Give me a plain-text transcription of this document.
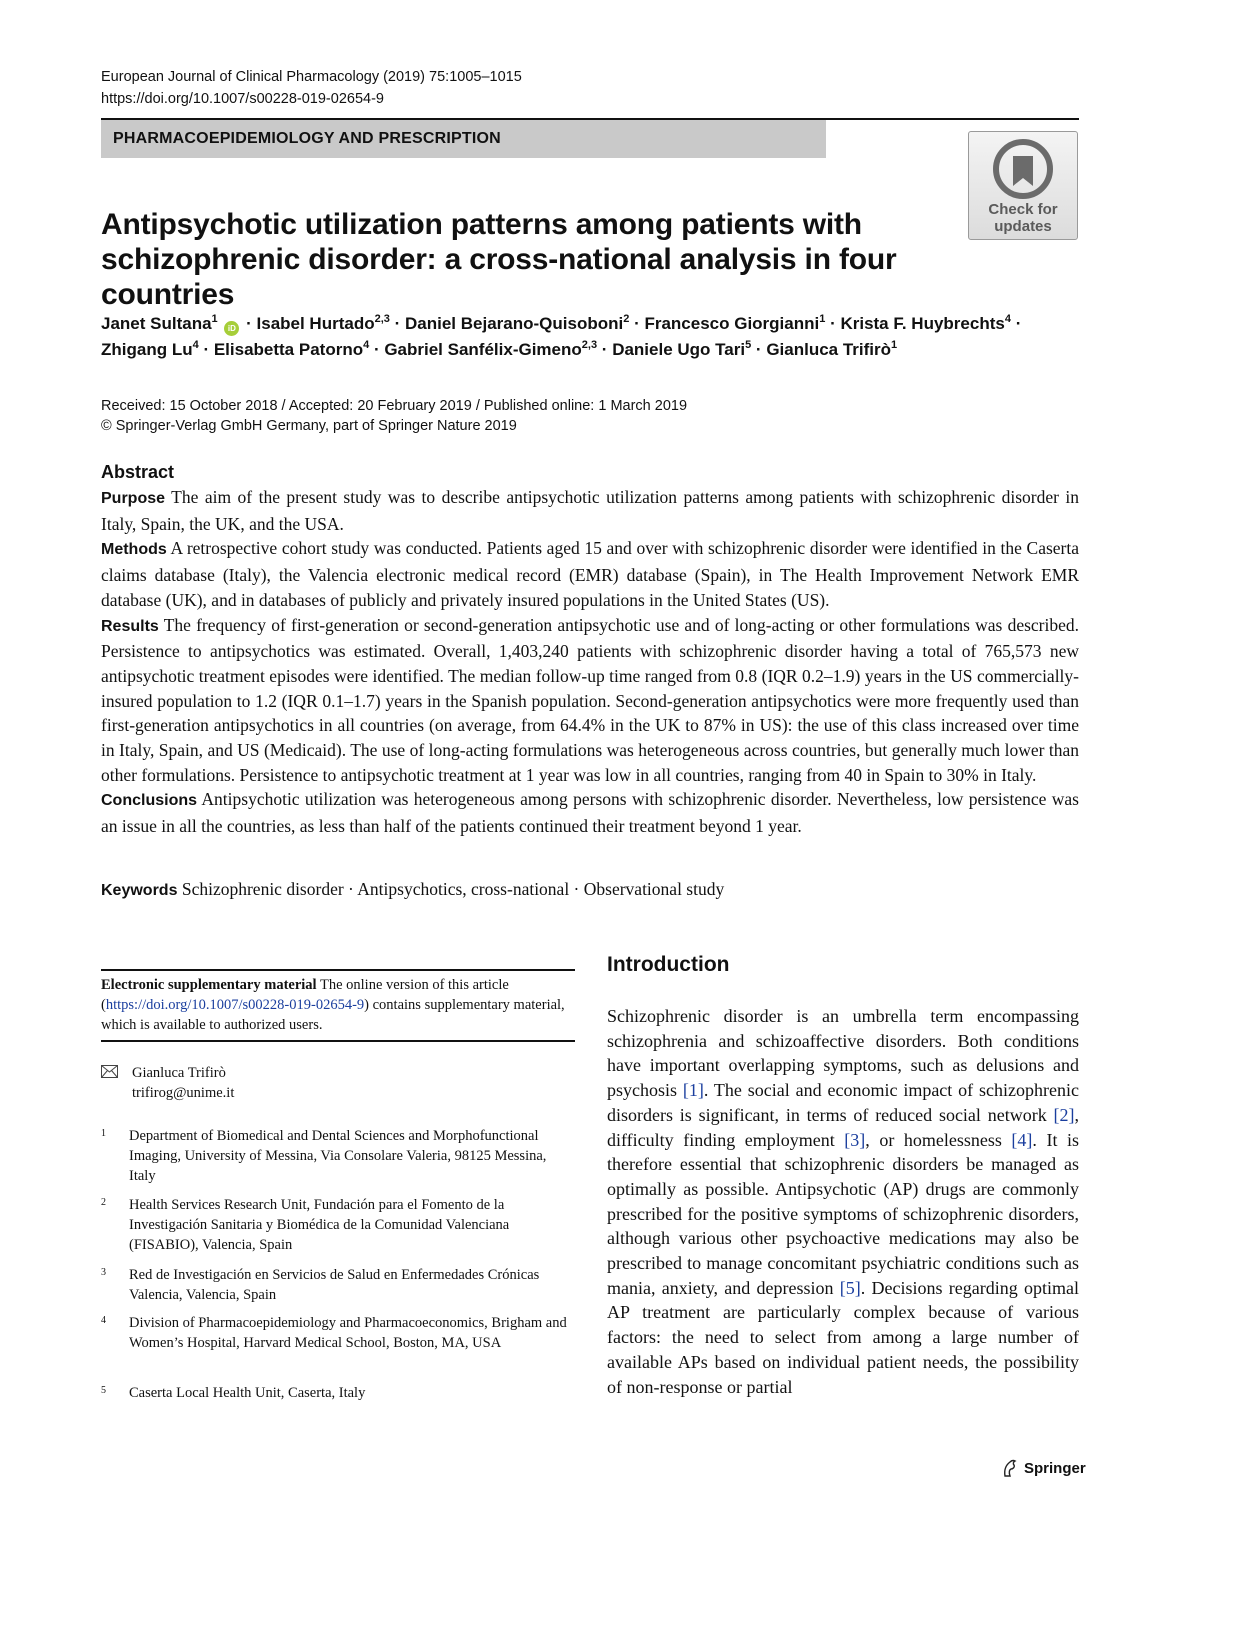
European Journal of Clinical Pharmacology (2019) 75:1005–1015
https://doi.org/10.1007/s00228-019-02654-9
PHARMACOEPIDEMIOLOGY AND PRESCRIPTION
Check for
updates
Antipsychotic utilization patterns among patients with schizophrenic disorder: a cross-national analysis in four countries
Janet Sultana$^1$ iD · Isabel Hurtado$^{2,3}$ · Daniel Bejarano-Quisoboni$^2$ · Francesco Giorgianni$^1$ · Krista F. Huybrechts$^4$ ·
Zhigang $Lu^4$ · Elisabetta Patorno$^4$ · Gabriel Sanfélix-Gimeno$^{2,3}$ · Daniele Ugo Tari$^5$ · Gianluca Trifirò$^1$
Received: 15 October 2018 / Accepted: 20 February 2019 / Published online: 1 March 2019
© Springer-Verlag GmbH Germany, part of Springer Nature 2019
Abstract

Purpose The aim of the present study was to describe antipsychotic utilization patterns among patients with schizophrenic disorder in Italy, Spain, the UK, and the USA.

Methods A retrospective cohort study was conducted. Patients aged 15 and over with schizophrenic disorder were identified in the Caserta claims database (Italy), the Valencia electronic medical record (EMR) database (Spain), in The Health Improvement Network EMR database (UK), and in databases of publicly and privately insured populations in the United States (US).

Results The frequency of first-generation or second-generation antipsychotic use and of long-acting or other formulations was described. Persistence to antipsychotics was estimated. Overall, 1,403,240 patients with schizophrenic disorder having a total of 765,573 new antipsychotic treatment episodes were identified. The median follow-up time ranged from 0.8 (IQR 0.2–1.9) years in the US commercially-insured population to 1.2 (IQR 0.1–1.7) years in the Spanish population. Second-generation antipsychotics were more frequently used than first-generation antipsychotics in all countries (on average, from 64.4% in the UK to 87% in US): the use of this class increased over time in Italy, Spain, and US (Medicaid). The use of long-acting formulations was heterogeneous across countries, but generally much lower than other formulations. Persistence to antipsychotic treatment at 1 year was low in all countries, ranging from 40 in Spain to 30% in Italy.

Conclusions Antipsychotic utilization was heterogeneous among persons with schizophrenic disorder. Nevertheless, low persistence was an issue in all the countries, as less than half of the patients continued their treatment beyond 1 year.

Keywords Schizophrenic disorder · Antipsychotics, cross-national · Observational study
Electronic supplementary material The online version of this article (https://doi.org/10.1007/s00228-019-02654-9) contains supplementary material, which is available to authorized users.
Gianluca Trifirò
trifirog@unime.it
1 Department of Biomedical and Dental Sciences and Morphofunctional Imaging, University of Messina, Via Consolare Valeria, 98125 Messina, Italy
2 Health Services Research Unit, Fundación para el Fomento de la Investigación Sanitaria y Biomédica de la Comunidad Valenciana (FISABIO), Valencia, Spain
3 Red de Investigación en Servicios de Salud en Enfermedades Crónicas Valencia, Valencia, Spain
4 Division of Pharmacoepidemiology and Pharmacoeconomics, Brigham and Women’s Hospital, Harvard Medical School, Boston, MA, USA
5 Caserta Local Health Unit, Caserta, Italy
Introduction
Schizophrenic disorder is an umbrella term encompassing schizophrenia and schizoaffective disorders. Both conditions have important overlapping symptoms, such as delusions and psychosis [1]. The social and economic impact of schizophrenic disorders is significant, in terms of reduced social network [2], difficulty finding employment [3], or homelessness [4]. It is therefore essential that schizophrenic disorders be managed as optimally as possible. Antipsychotic (AP) drugs are commonly prescribed for the positive symptoms of schizophrenic disorders, although various other psychoactive medications may also be prescribed to manage concomitant psychiatric conditions such as mania, anxiety, and depression [5]. Decisions regarding optimal AP treatment are particularly complex because of various factors: the need to select from among a large number of available APs based on individual patient needs, the possibility of non-response or partial
Springer
